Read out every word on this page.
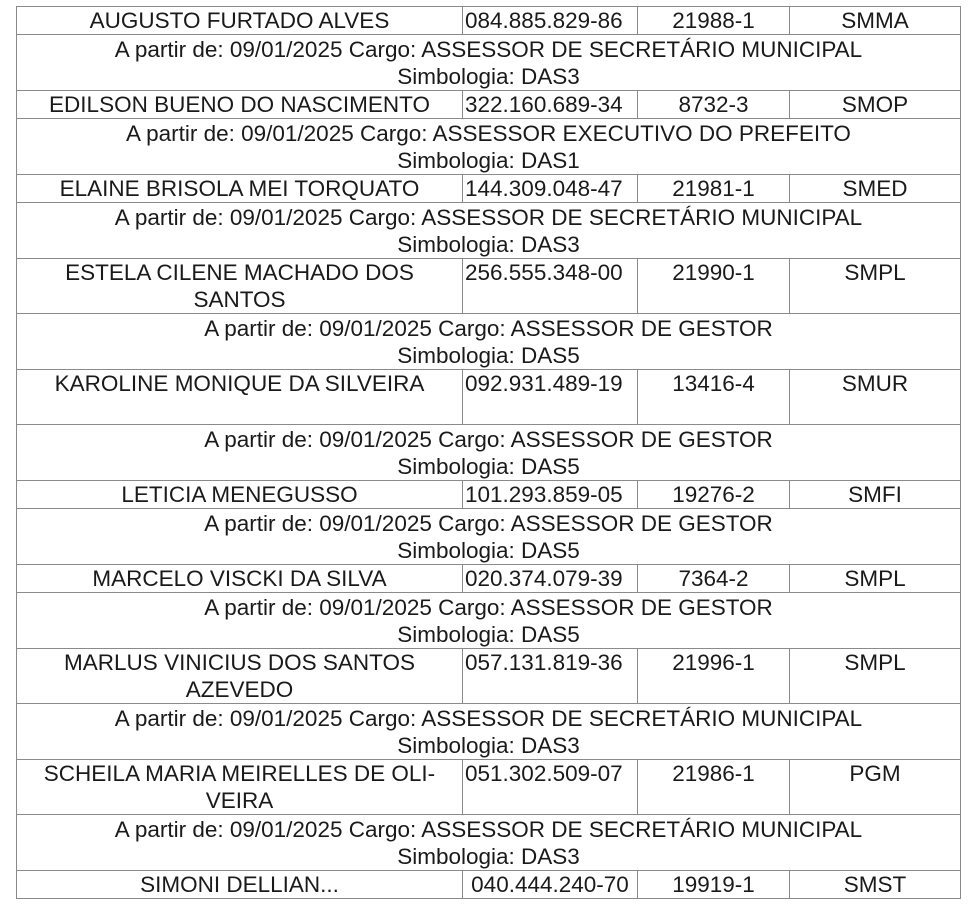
AUGUSTO FURTADO ALVES	084.885.829-86	21988-1	SMMA

A partir de: 09/01/2025 Cargo: ASSESSOR DE SECRETÁRIO MUNICIPAL
Simbologia: DAS3			

EDILSON BUENO DO NASCIMENTO	322.160.689-34	8732-3	SMOP

A partir de: 09/01/2025 Cargo: ASSESSOR EXECUTIVO DO PREFEITO
Simbologia: DAS1			

ELAINE BRISOLA MEI TORQUATO	144.309.048-47	21981-1	SMED

A partir de: 09/01/2025 Cargo: ASSESSOR DE SECRETÁRIO MUNICIPAL
Simbologia: DAS3			

ESTELA CILENE MACHADO DOS SANTOS	256.555.348-00	21990-1	SMPL

A partir de: 09/01/2025 Cargo: ASSESSOR DE GESTOR
Simbologia: DAS5			

KAROLINE MONIQUE DA SILVEIRA	092.931.489-19	13416-4	SMUR

A partir de: 09/01/2025 Cargo: ASSESSOR DE GESTOR
Simbologia: DAS5			

LETICIA MENEGUSSO	101.293.859-05	19276-2	SMFI

A partir de: 09/01/2025 Cargo: ASSESSOR DE GESTOR
Simbologia: DAS5			

MARCELO VISCKI DA SILVA	020.374.079-39	7364-2	SMPL

A partir de: 09/01/2025 Cargo: ASSESSOR DE GESTOR
Simbologia: DAS5			

MARLUS VINICIUS DOS SANTOS AZEVEDO	057.131.819-36	21996-1	SMPL

A partir de: 09/01/2025 Cargo: ASSESSOR DE SECRETÁRIO MUNICIPAL
Simbologia: DAS3			

SCHEILA MARIA MEIRELLES DE OLI-VEIRA	051.302.509-07	21986-1	PGM

A partir de: 09/01/2025 Cargo: ASSESSOR DE SECRETÁRIO MUNICIPAL
Simbologia: DAS3			

SIMONI DELLIAN...	040.444.240-70	19919-1	SMST
